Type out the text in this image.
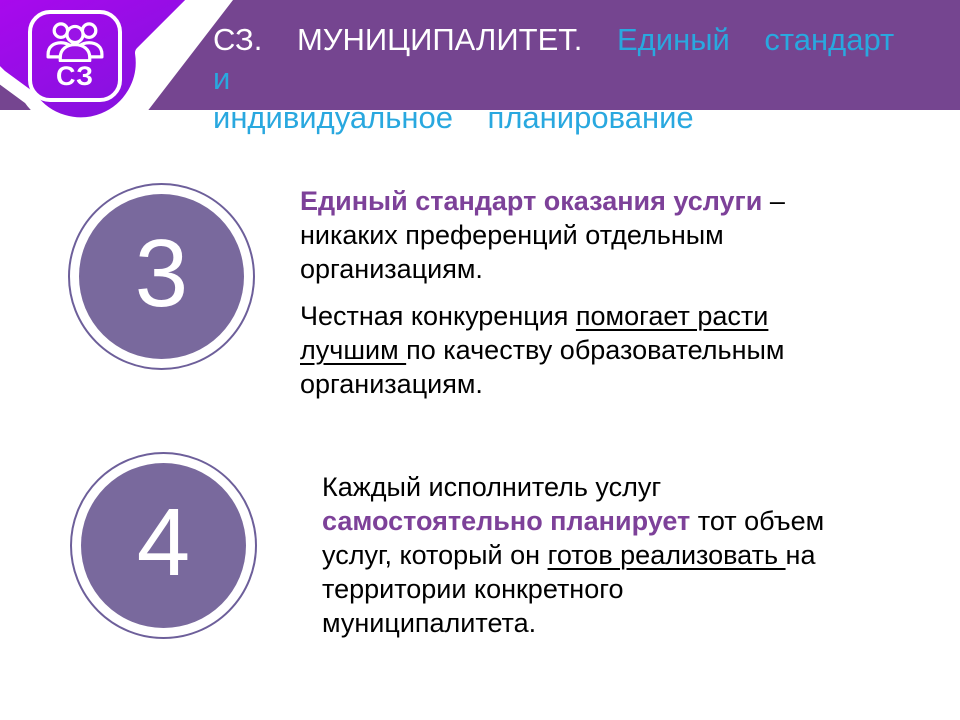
СЗ
СЗ. МУНИЦИПАЛИТЕТ. Единый стандарт и
индивидуальное планирование
3

Единый стандарт оказания услуги –
никаких преференций отдельным
организациям.

Честная конкуренция помогает расти
лучшим по качеству образовательным
организациям.

4

Каждый исполнитель услуг
самостоятельно планирует тот объем
услуг, который он готов реализовать на
территории конкретного
муниципалитета.
